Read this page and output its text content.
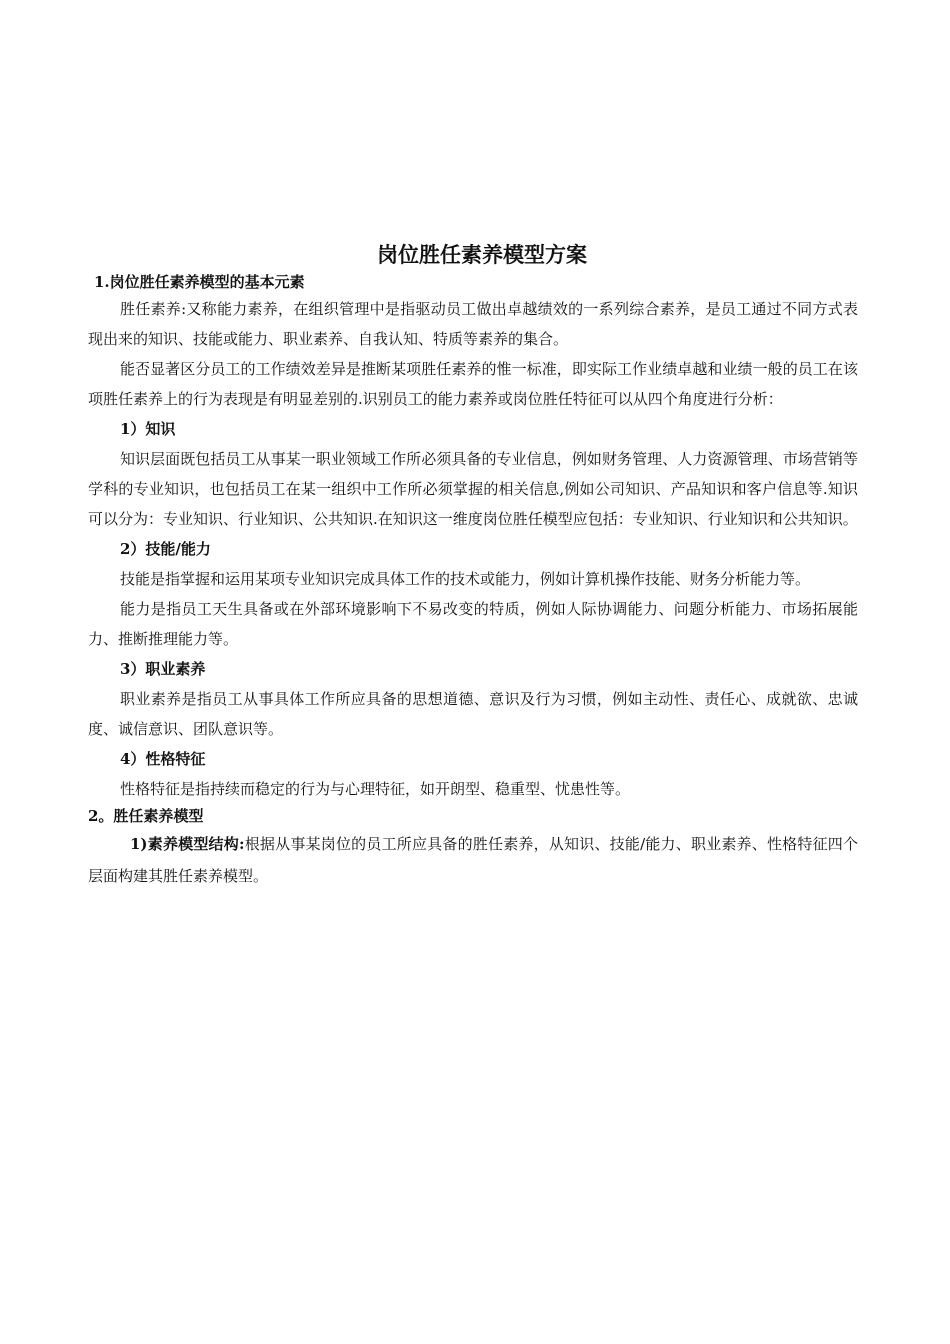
岗位胜任素养模型方案
1.岗位胜任素养模型的基本元素

胜任素养:又称能力素养，在组织管理中是指驱动员工做出卓越绩效的一系列综合素养，是员工通过不同方式表现出来的知识、技能或能力、职业素养、自我认知、特质等素养的集合。

能否显著区分员工的工作绩效差异是推断某项胜任素养的惟一标准，即实际工作业绩卓越和业绩一般的员工在该项胜任素养上的行为表现是有明显差别的.识别员工的能力素养或岗位胜任特征可以从四个角度进行分析：

1）知识

知识层面既包括员工从事某一职业领域工作所必须具备的专业信息，例如财务管理、人力资源管理、市场营销等学科的专业知识，也包括员工在某一组织中工作所必须掌握的相关信息,例如公司知识、产品知识和客户信息等.知识可以分为：专业知识、行业知识、公共知识.在知识这一维度岗位胜任模型应包括：专业知识、行业知识和公共知识。

2）技能/能力

技能是指掌握和运用某项专业知识完成具体工作的技术或能力，例如计算机操作技能、财务分析能力等。

能力是指员工天生具备或在外部环境影响下不易改变的特质，例如人际协调能力、问题分析能力、市场拓展能力、推断推理能力等。

3）职业素养

职业素养是指员工从事具体工作所应具备的思想道德、意识及行为习惯，例如主动性、责任心、成就欲、忠诚度、诚信意识、团队意识等。

4）性格特征

性格特征是指持续而稳定的行为与心理特征，如开朗型、稳重型、忧患性等。

2。胜任素养模型

1)素养模型结构:根据从事某岗位的员工所应具备的胜任素养，从知识、技能/能力、职业素养、性格特征四个层面构建其胜任素养模型。
